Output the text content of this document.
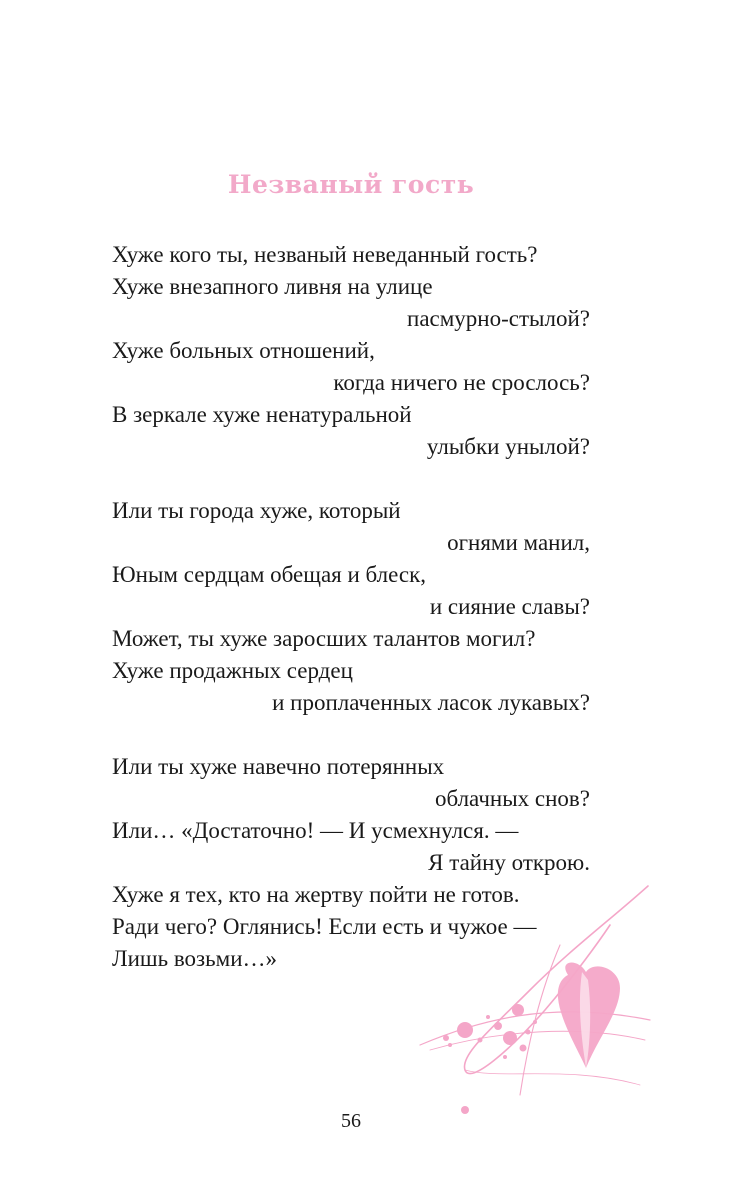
Незваный гость
Хуже кого ты, незваный неведанный гость?
Хуже внезапного ливня на улице
пасмурно-стылой?
Хуже больных отношений,
когда ничего не срослось?
В зеркале хуже ненатуральной
улыбки унылой?
Или ты города хуже, который
огнями манил,
Юным сердцам обещая и блеск,
и сияние славы?
Может, ты хуже заросших талантов могил?
Хуже продажных сердец
и проплаченных ласок лукавых?
Или ты хуже навечно потерянных
облачных снов?
Или… «Достаточно! — И усмехнулся. —
Я тайну открою.
Хуже я тех, кто на жертву пойти не готов.
Ради чего? Оглянись! Если есть и чужое —
Лишь возьми…»
56
